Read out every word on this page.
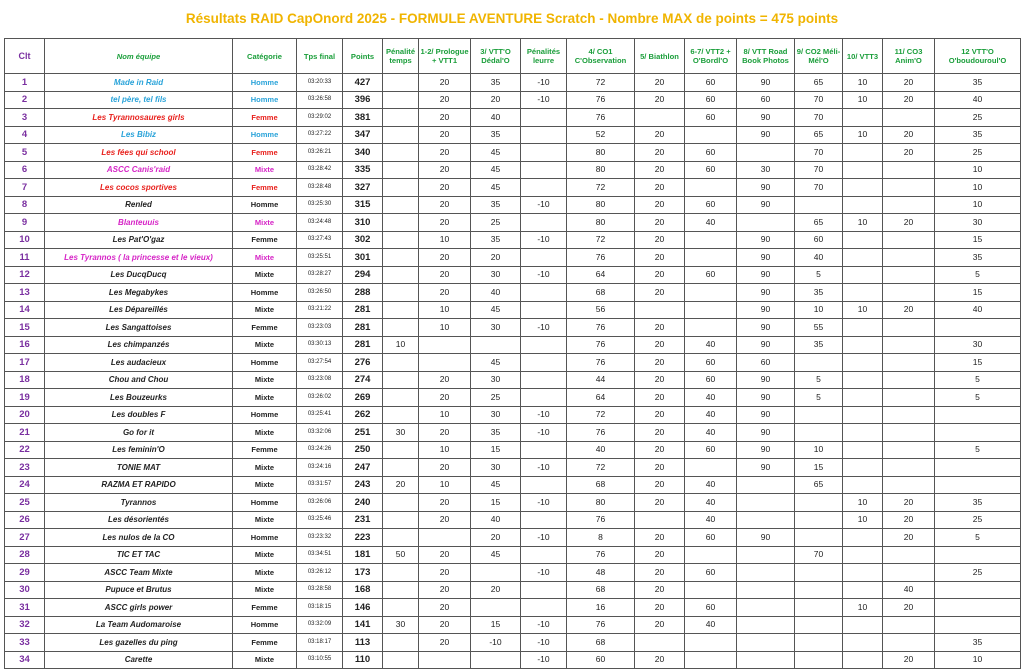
Résultats RAID CapOnord 2025 - FORMULE AVENTURE Scratch - Nombre MAX de points = 475 points
Clt	Nom équipe	Catégorie	Tps final	Points	Pénalité temps	1-2/ Prologue + VTT1	3/ VTT'O Dédal'O	Pénalités leurre	4/ CO1 C'Observation	5/ Biathlon	6-7/ VTT2 + O'Bordl'O	8/ VTT Road Book Photos	9/ CO2 Méli-Mél'O	10/ VTT3	11/ CO3 Anim'O	12 VTT'O O'boudouroul'O
1	Made in Raid	Homme	03:20:33	427		20	35	-10	72	20	60	90	65	10	20	35
2	tel père, tel fils	Homme	03:26:58	396		20	20	-10	76	20	60	60	70	10	20	40
3	Les Tyrannosaures girls	Femme	03:29:02	381		20	40		76		60	90	70			25
4	Les Bibiz	Homme	03:27:22	347		20	35		52	20		90	65	10	20	35
5	Les fées qui school	Femme	03:26:21	340		20	45		80	20	60		70		20	25
6	ASCC Canis'raid	Mixte	03:28:42	335		20	45		80	20	60	30	70			10
7	Les cocos sportives	Femme	03:28:48	327		20	45		72	20		90	70			10
8	Renled	Homme	03:25:30	315		20	35	-10	80	20	60	90				10
9	Blanteuuis	Mixte	03:24:48	310		20	25		80	20	40		65	10	20	30
10	Les Pat'O'gaz	Femme	03:27:43	302		10	35	-10	72	20		90	60			15
11	Les Tyrannos ( la princesse et le vieux)	Mixte	03:25:51	301		20	20		76	20		90	40			35
12	Les DucqDucq	Mixte	03:28:27	294		20	30	-10	64	20	60	90	5			5
13	Les Megabykes	Homme	03:26:50	288		20	40		68	20		90	35			15
14	Les Dépareillés	Mixte	03:21:22	281		10	45		56			90	10	10	20	40
15	Les Sangattoises	Femme	03:23:03	281		10	30	-10	76	20		90	55			
16	Les chimpanzés	Mixte	03:30:13	281	10				76	20	40	90	35			30
17	Les audacieux	Homme	03:27:54	276			45		76	20	60	60				15
18	Chou and Chou	Mixte	03:23:08	274		20	30		44	20	60	90	5			5
19	Les Bouzeurks	Mixte	03:26:02	269		20	25		64	20	40	90	5			5
20	Les doubles F	Homme	03:25:41	262		10	30	-10	72	20	40	90				
21	Go for it	Mixte	03:32:06	251	30	20	35	-10	76	20	40	90				
22	Les feminin'O	Femme	03:24:26	250		10	15		40	20	60	90	10			5
23	TONIE MAT	Mixte	03:24:16	247		20	30	-10	72	20		90	15			
24	RAZMA ET RAPIDO	Mixte	03:31:57	243	20	10	45		68	20	40		65			
25	Tyrannos	Homme	03:26:06	240		20	15	-10	80	20	40			10	20	35
26	Les désorientés	Mixte	03:25:46	231		20	40		76		40			10	20	25
27	Les nulos de la CO	Homme	03:23:32	223			20	-10	8	20	60	90			20	5
28	TIC ET TAC	Mixte	03:34:51	181	50	20	45		76	20			70			
29	ASCC Team Mixte	Mixte	03:26:12	173		20		-10	48	20	60					25
30	Pupuce et Brutus	Mixte	03:28:58	168		20	20		68	20					40	
31	ASCC girls power	Femme	03:18:15	146		20			16	20	60			10	20	
32	La Team Audomaroise	Homme	03:32:09	141	30	20	15	-10	76	20	40					
33	Les gazelles du ping	Femme	03:18:17	113		20	-10	-10	68							35
34	Carette	Mixte	03:10:55	110				-10	60	20					20	10
